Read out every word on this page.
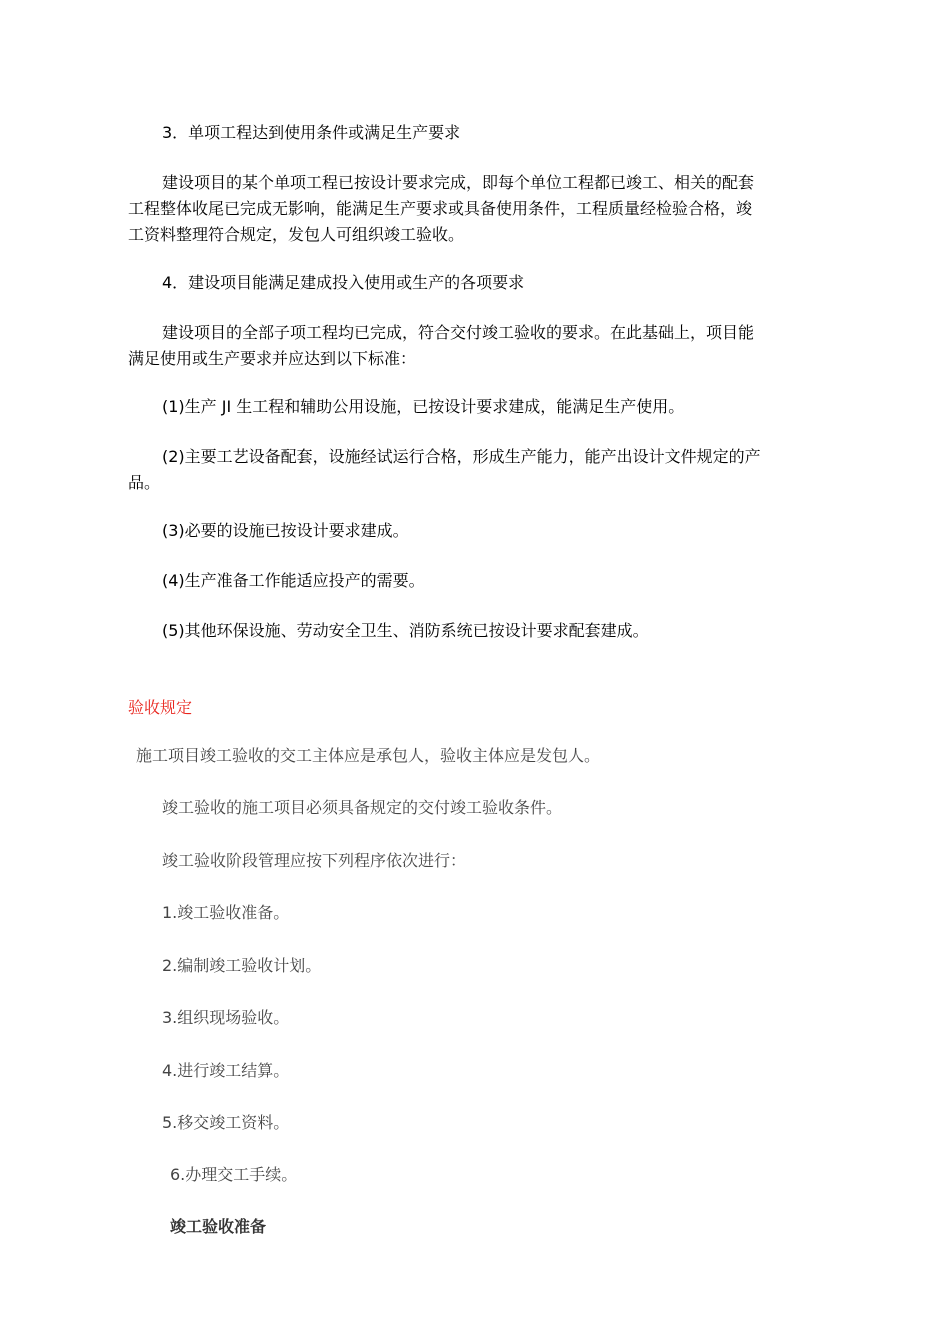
3．单项工程达到使用条件或满足生产要求
建设项目的某个单项工程已按设计要求完成，即每个单位工程都已竣工、相关的配套
工程整体收尾已完成无影响，能满足生产要求或具备使用条件，工程质量经检验合格，竣
工资料整理符合规定，发包人可组织竣工验收。
4．建设项目能满足建成投入使用或生产的各项要求
建设项目的全部子项工程均已完成，符合交付竣工验收的要求。在此基础上，项目能
满足使用或生产要求并应达到以下标准：
(1)生产 JI 生工程和辅助公用设施，已按设计要求建成，能满足生产使用。
(2)主要工艺设备配套，设施经试运行合格，形成生产能力，能产出设计文件规定的产
品。
(3)必要的设施已按设计要求建成。
(4)生产准备工作能适应投产的需要。
(5)其他环保设施、劳动安全卫生、消防系统已按设计要求配套建成。
验收规定
施工项目竣工验收的交工主体应是承包人，验收主体应是发包人。
竣工验收的施工项目必须具备规定的交付竣工验收条件。
竣工验收阶段管理应按下列程序依次进行：
1.竣工验收准备。
2.编制竣工验收计划。
3.组织现场验收。
4.进行竣工结算。
5.移交竣工资料。
6.办理交工手续。
竣工验收准备
